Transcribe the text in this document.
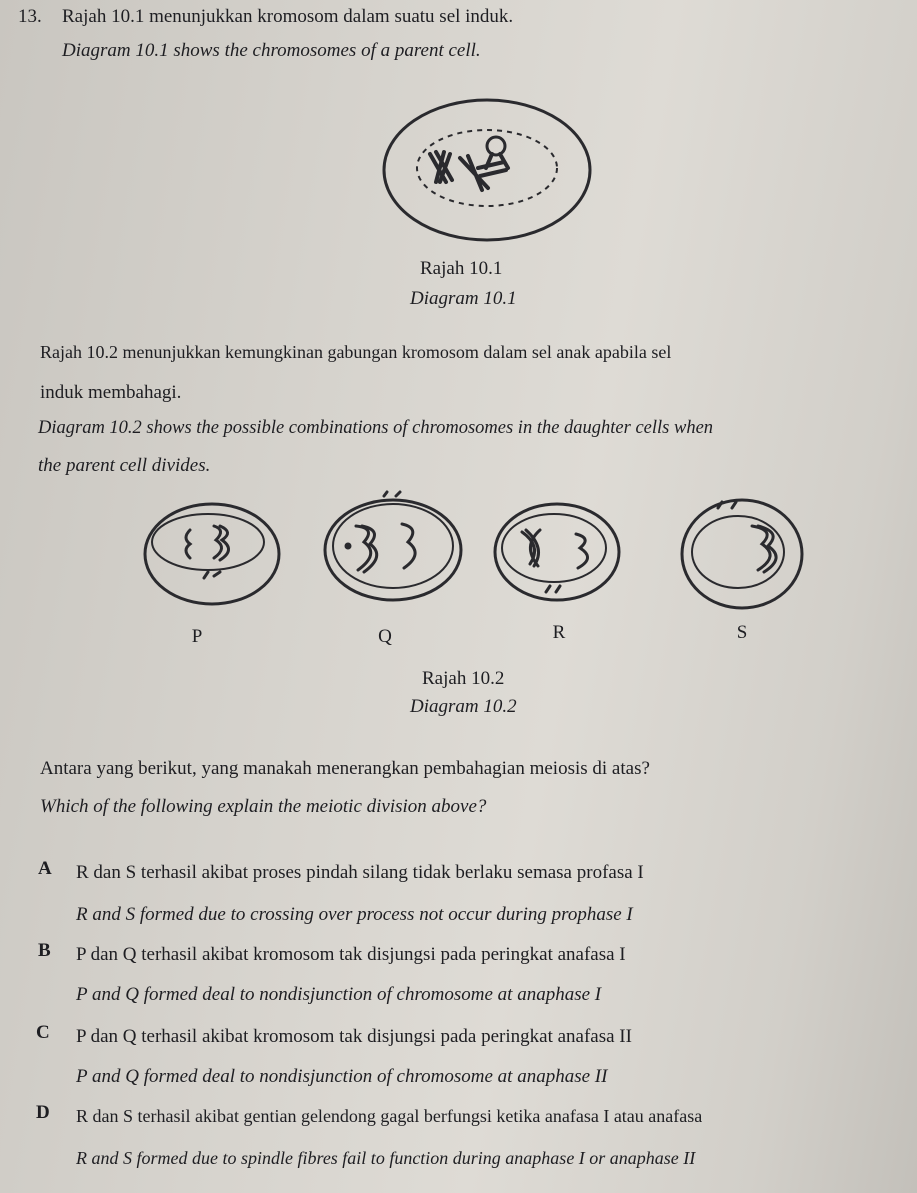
13. Rajah 10.1 menunjukkan kromosom dalam suatu sel induk.
Diagram 10.1 shows the chromosomes of a parent cell.
Rajah 10.1
Diagram 10.1
Rajah 10.2 menunjukkan kemungkinan gabungan kromosom dalam sel anak apabila sel
induk membahagi.
Diagram 10.2 shows the possible combinations of chromosomes in the daughter cells when
the parent cell divides.
P	Q	R	S
Rajah 10.2
Diagram 10.2
Antara yang berikut, yang manakah menerangkan pembahagian meiosis di atas?
Which of the following explain the meiotic division above?
A R dan S terhasil akibat proses pindah silang tidak berlaku semasa profasa I
R and S formed due to crossing over process not occur during prophase I
B P dan Q terhasil akibat kromosom tak disjungsi pada peringkat anafasa I
P and Q formed deal to nondisjunction of chromosome at anaphase I
C P dan Q terhasil akibat kromosom tak disjungsi pada peringkat anafasa II
P and Q formed deal to nondisjunction of chromosome at anaphase II
D R dan S terhasil akibat gentian gelendong gagal berfungsi ketika anafasa I atau anafasa
R and S formed due to spindle fibres fail to function during anaphase I or anaphase II
